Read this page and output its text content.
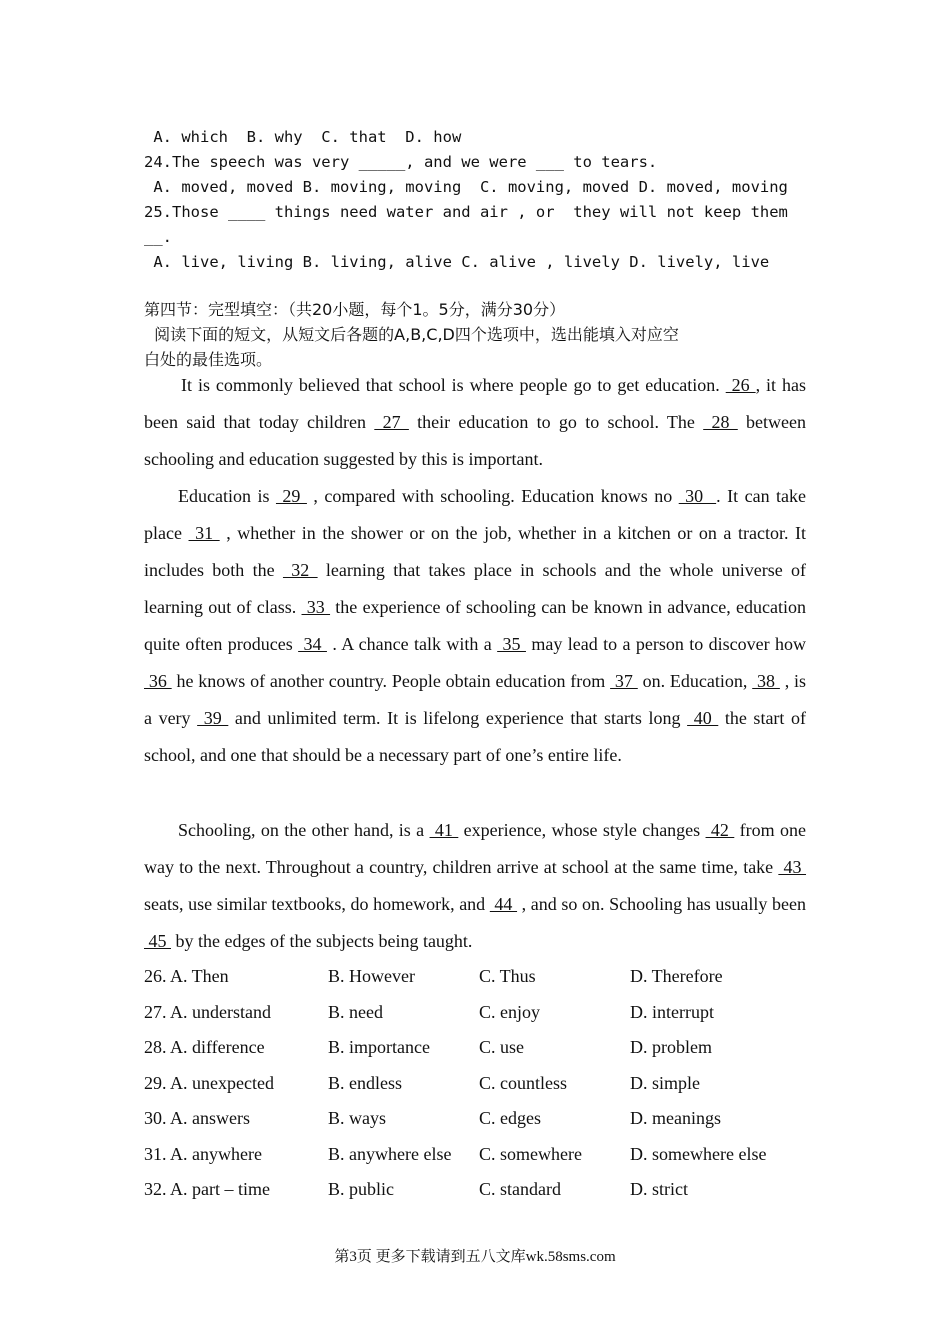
A. which  B. why  C. that  D. how
24.The speech was very _____, and we were ___ to tears.
A. moved, moved B. moving, moving  C. moving, moved D. moved, moving
25.Those ____ things need water and air , or  they will not keep them
__.
A. live, living B. living, alive C. alive , lively D. lively, live
第四节：完型填空：（共20小题，每个1。5分，满分30分）
阅读下面的短文，从短文后各题的A,B,C,D四个选项中，选出能填入对应空
白处的最佳选项。

It is commonly believed that school is where people go to get education.  26 , it has been said that today children  27  their education to go to school. The  28  between schooling and education suggested by this is important.

Education is  29  , compared with schooling. Education knows no  30  . It can take place  31  , whether in the shower or on the job, whether in a kitchen or on a tractor. It includes both the  32  learning that takes place in schools and the whole universe of learning out of class.  33  the experience of schooling can be known in advance, education quite often produces  34  . A chance talk with a  35  may lead to a person to discover how  36  he knows of another country. People obtain education from  37  on. Education,  38  , is a very  39  and unlimited term. It is lifelong experience that starts long  40  the start of school, and one that should be a necessary part of one’s entire life.

Schooling, on the other hand, is a  41  experience, whose style changes  42  from one way to the next. Throughout a country, children arrive at school at the same time, take  43  seats, use similar textbooks, do homework, and  44  , and so on. Schooling has usually been  45  by the edges of the subjects being taught.

26. A. Then	B. However	C. Thus	D. Therefore
27. A. understand	B. need	C. enjoy	D. interrupt
28. A. difference	B. importance	C. use	D. problem
29. A. unexpected	B. endless	C. countless	D. simple
30. A. answers	B. ways	C. edges	D. meanings
31. A. anywhere	B. anywhere else C. somewhere	D. somewhere else
32. A. part – time	B. public	C. standard	D. strict
第3页 更多下载请到五八文库wk.58sms.com
